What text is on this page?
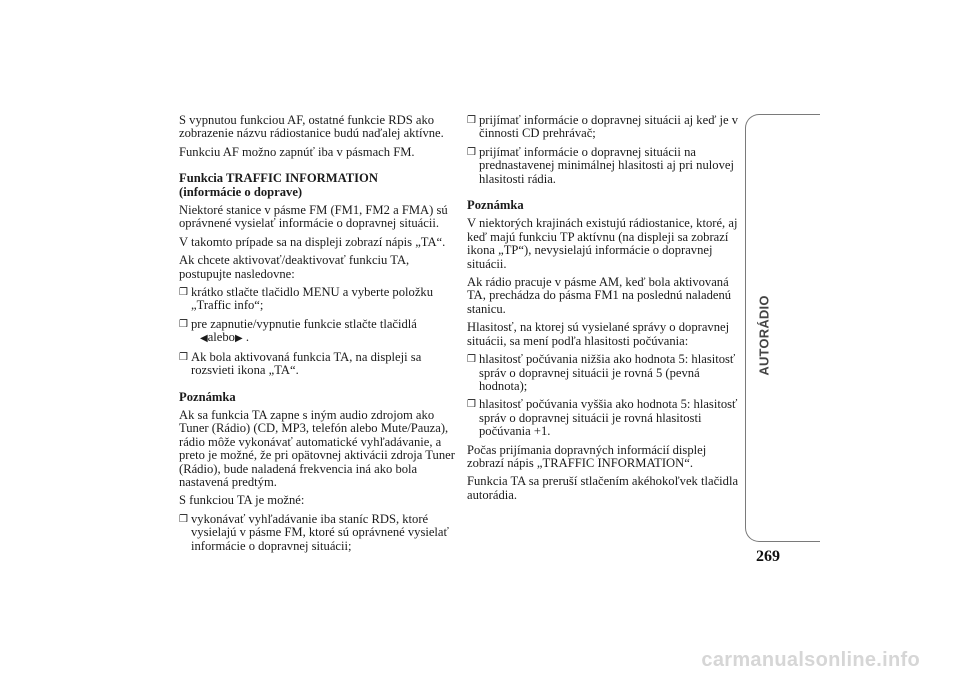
S vypnutou funkciou AF, ostatné funkcie RDS ako zobrazenie názvu rádiostanice budú naďalej aktívne.

Funkciu AF možno zapnúť iba v pásmach FM.

Funkcia TRAFFIC INFORMATION
(informácie o doprave)

Niektoré stanice v pásme FM (FM1, FM2 a FMA) sú oprávnené vysielať informácie o dopravnej situácii.

V takomto prípade sa na displeji zobrazí nápis „TA“.

Ak chcete aktivovať/deaktivovať funkciu TA, postupujte nasledovne:

❒ krátko stlačte tlačidlo MENU a vyberte položku „Traffic info“;
❒ pre zapnutie/vypnutie funkcie stlačte tlačidlá
◀alebo▶ .
❒ Ak bola aktivovaná funkcia TA, na displeji sa rozsvieti ikona „TA“.
Poznámka

Ak sa funkcia TA zapne s iným audio zdrojom ako Tuner (Rádio) (CD, MP3, telefón alebo Mute/Pauza), rádio môže vykonávať automatické vyhľadávanie, a preto je možné, že pri opätovnej aktivácii zdroja Tuner (Rádio), bude naladená frekvencia iná ako bola nastavená predtým.

S funkciou TA je možné:

❒ vykonávať vyhľadávanie iba staníc RDS, ktoré vysielajú v pásme FM, ktoré sú oprávnené vysielať informácie o dopravnej situácii;
❒ prijímať informácie o dopravnej situácii aj keď je v činnosti CD prehrávač;
❒ prijímať informácie o dopravnej situácii na prednastavenej minimálnej hlasitosti aj pri nulovej hlasitosti rádia.
Poznámka

V niektorých krajinách existujú rádiostanice, ktoré, aj keď majú funkciu TP aktívnu (na displeji sa zobrazí ikona „TP“), nevysielajú informácie o dopravnej situácii.

Ak rádio pracuje v pásme AM, keď bola aktivovaná TA, prechádza do pásma FM1 na poslednú naladenú stanicu.

Hlasitosť, na ktorej sú vysielané správy o dopravnej situácii, sa mení podľa hlasitosti počúvania:

❒ hlasitosť počúvania nižšia ako hodnota 5: hlasitosť správ o dopravnej situácii je rovná 5 (pevná hodnota);
❒ hlasitosť počúvania vyššia ako hodnota 5: hlasitosť správ o dopravnej situácii je rovná hlasitosti počúvania +1.

Počas prijímania dopravných informácií displej zobrazí nápis „TRAFFIC INFORMATION“.

Funkcia TA sa preruší stlačením akéhokoľvek tlačidla autorádia.

AUTORÁDIO
269
carmanualsonline.info
